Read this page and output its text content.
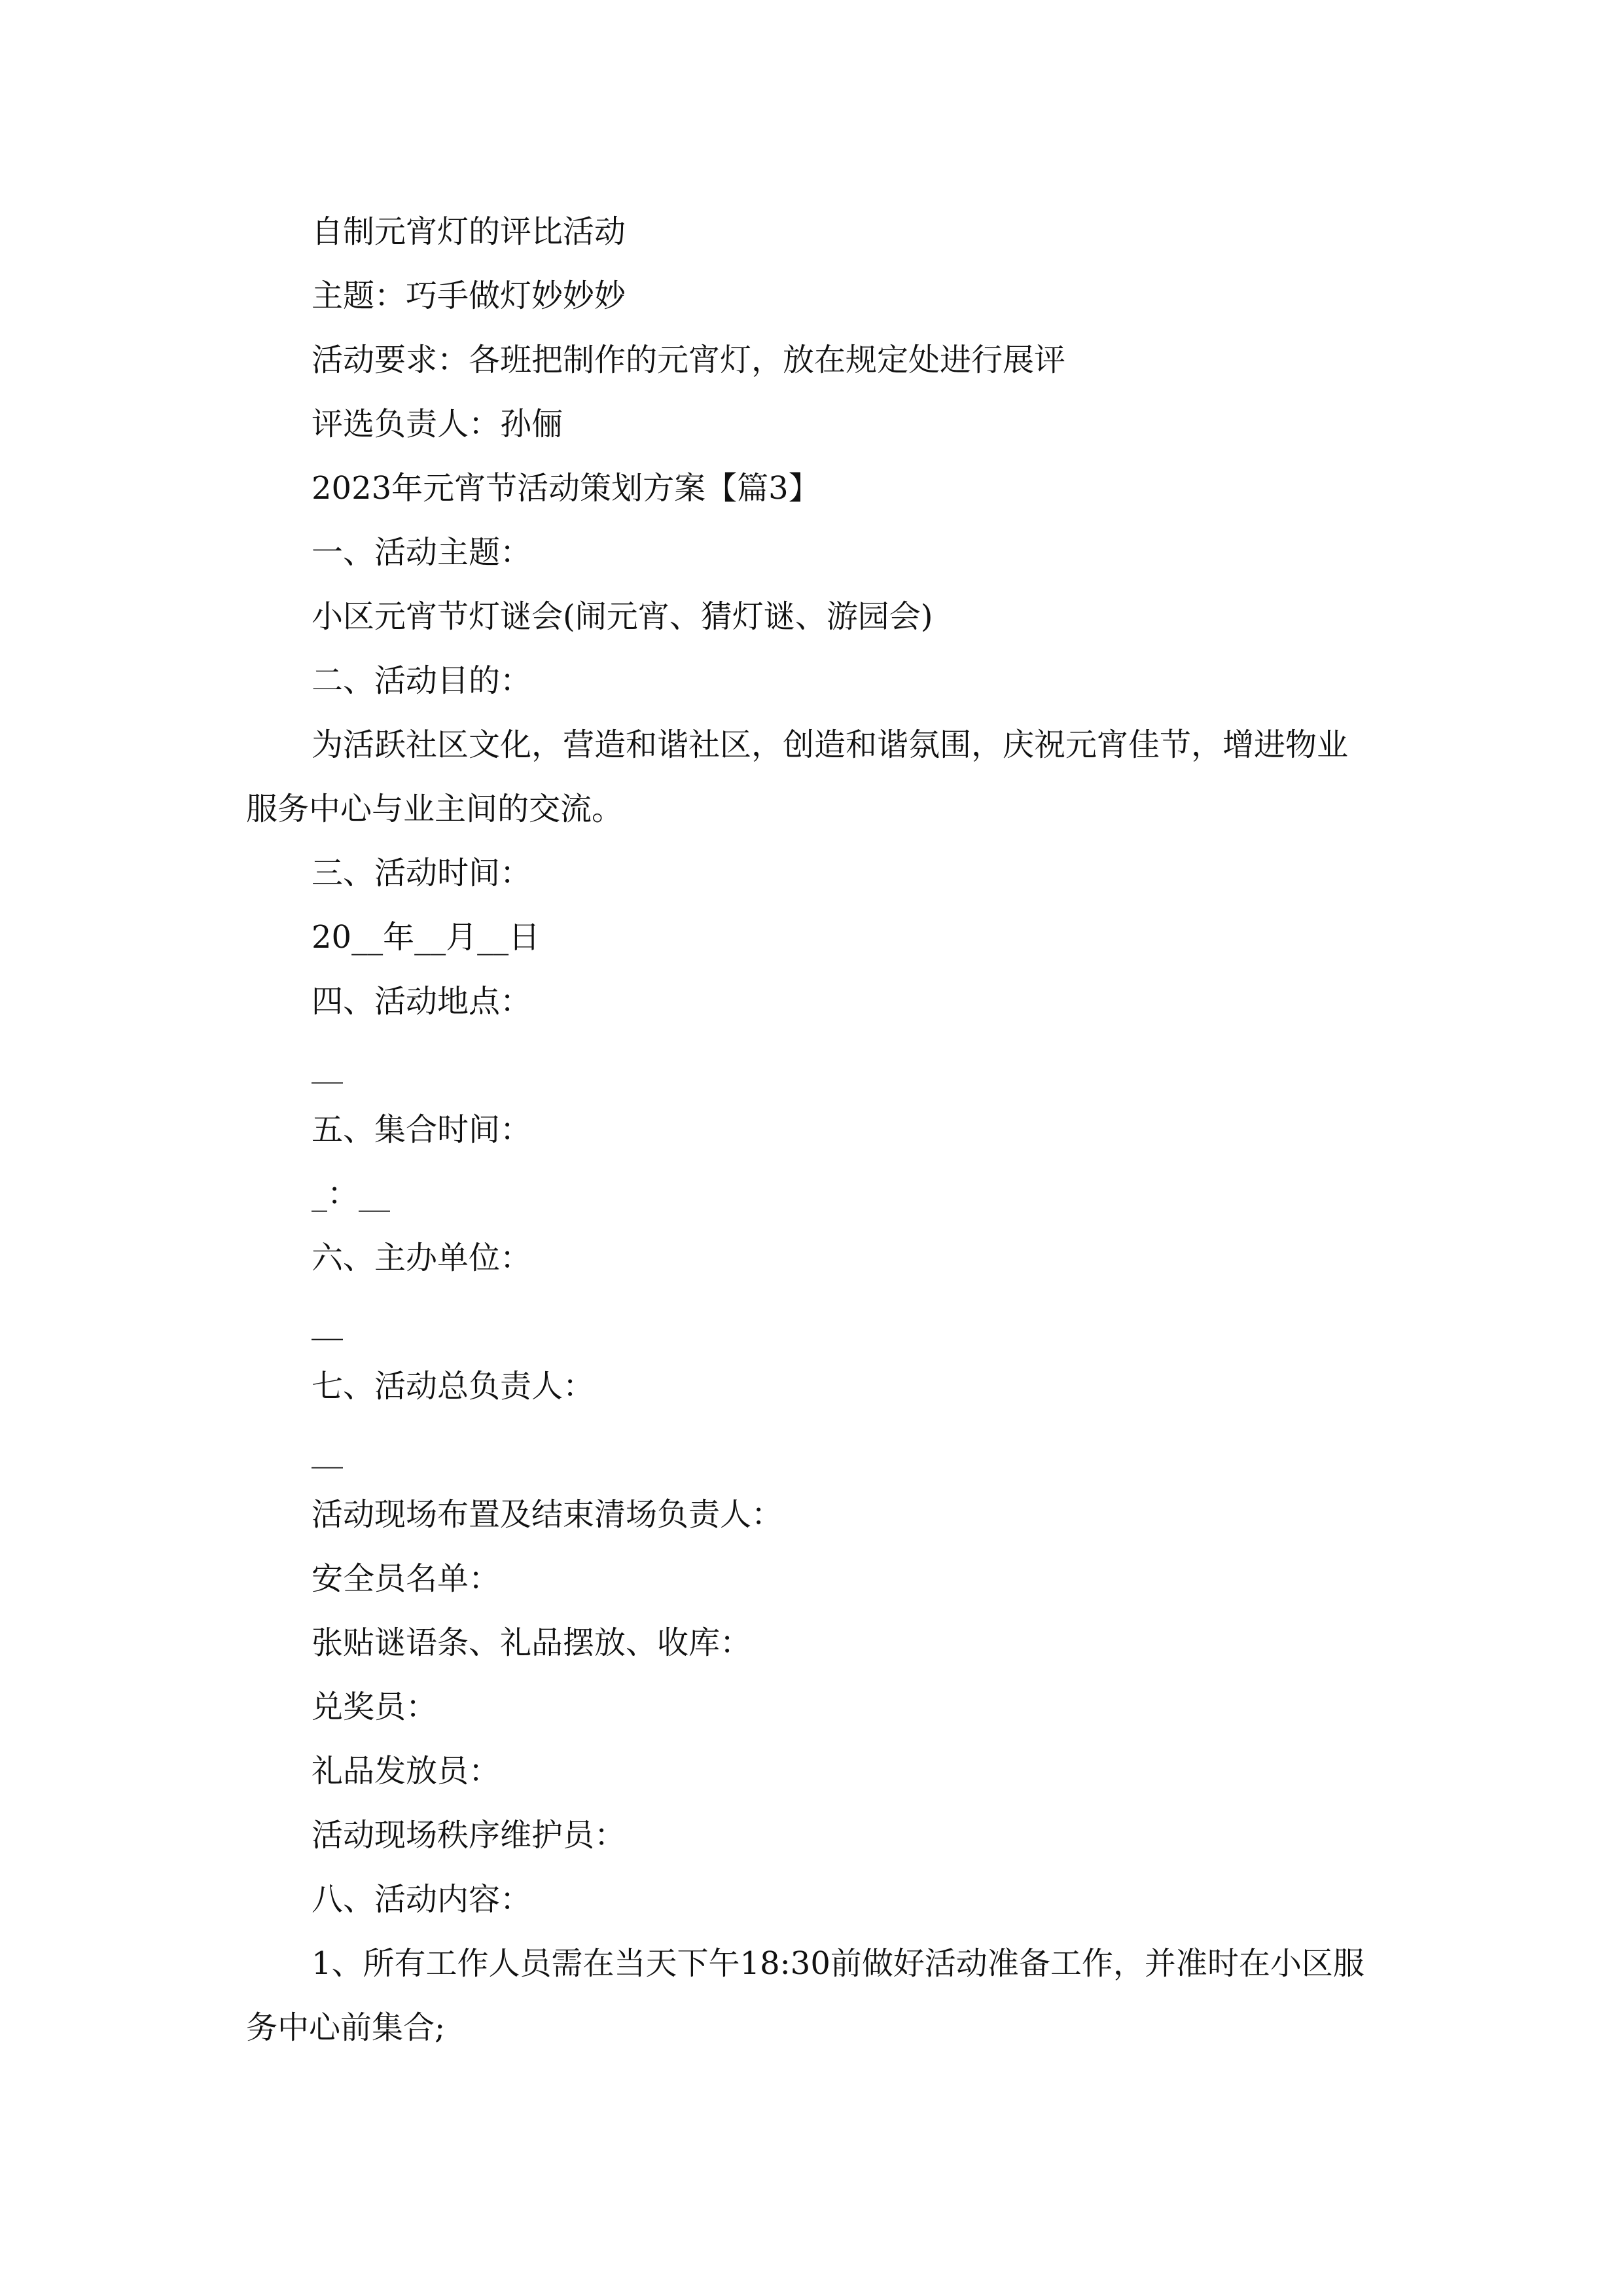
自制元宵灯的评比活动

主题：巧手做灯妙妙妙

活动要求：各班把制作的元宵灯，放在规定处进行展评

评选负责人：孙俪

2023年元宵节活动策划方案【篇3】

一、活动主题：

小区元宵节灯谜会(闹元宵、猜灯谜、游园会)

二、活动目的：

为活跃社区文化，营造和谐社区，创造和谐氛围，庆祝元宵佳节，增进物业服务中心与业主间的交流。

三、活动时间：

20__年__月__日

四、活动地点：

__

五、集合时间：

_：__

六、主办单位：

__

七、活动总负责人：

__

活动现场布置及结束清场负责人：

安全员名单：

张贴谜语条、礼品摆放、收库：

兑奖员：

礼品发放员：

活动现场秩序维护员：

八、活动内容：

1、所有工作人员需在当天下午18:30前做好活动准备工作，并准时在小区服务中心前集合;
